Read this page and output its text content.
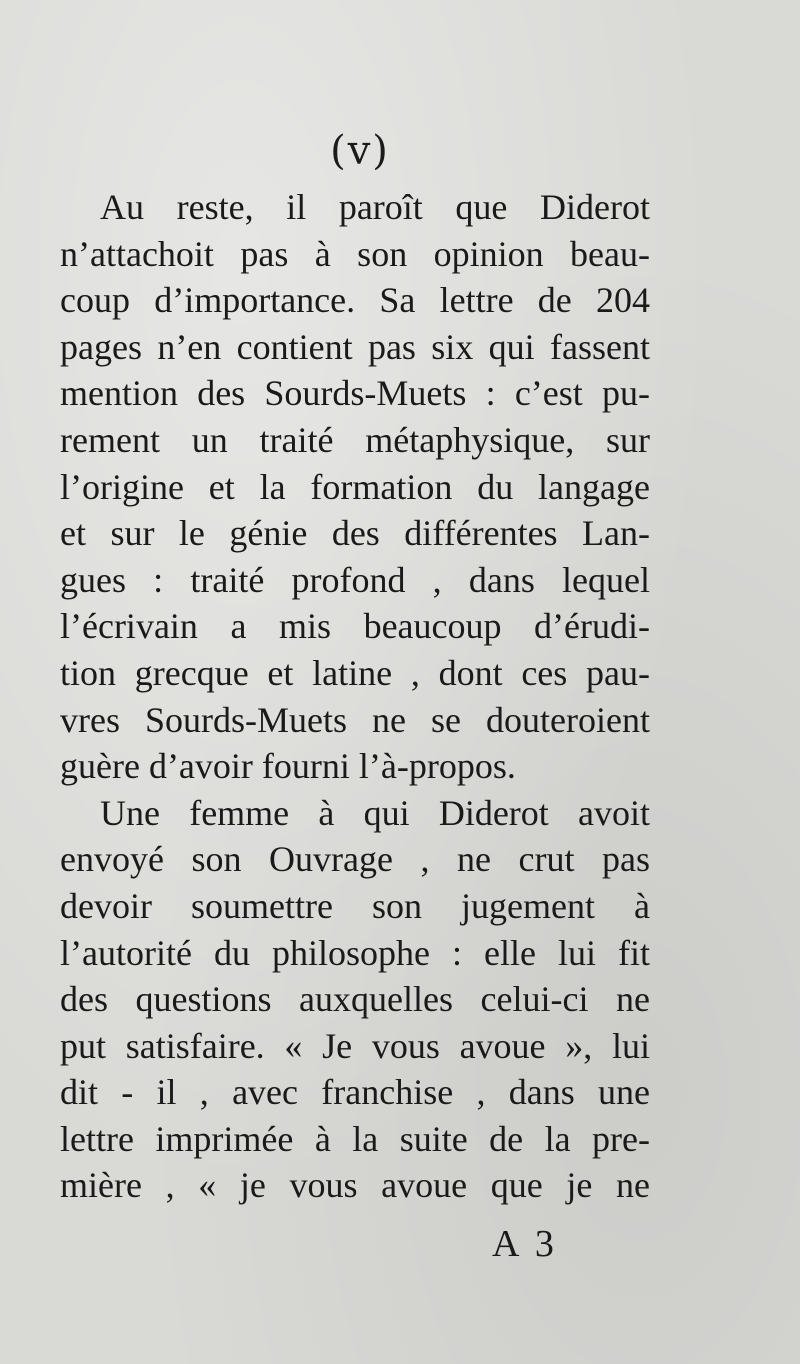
(v)
Au reste, il paroît que Diderot
n’attachoit pas à son opinion beau-
coup d’importance. Sa lettre de 204
pages n’en contient pas six qui fassent
mention des Sourds-Muets : c’est pu-
rement un traité métaphysique, sur
l’origine et la formation du langage
et sur le génie des différentes Lan-
gues : traité profond , dans lequel
l’écrivain a mis beaucoup d’érudi-
tion grecque et latine , dont ces pau-
vres Sourds-Muets ne se douteroient
guère d’avoir fourni l’à-propos.
Une femme à qui Diderot avoit
envoyé son Ouvrage , ne crut pas
devoir soumettre son jugement à
l’autorité du philosophe : elle lui fit
des questions auxquelles celui-ci ne
put satisfaire. « Je vous avoue », lui
dit - il , avec franchise , dans une
lettre imprimée à la suite de la pre-
mière , « je vous avoue que je ne
A 3
